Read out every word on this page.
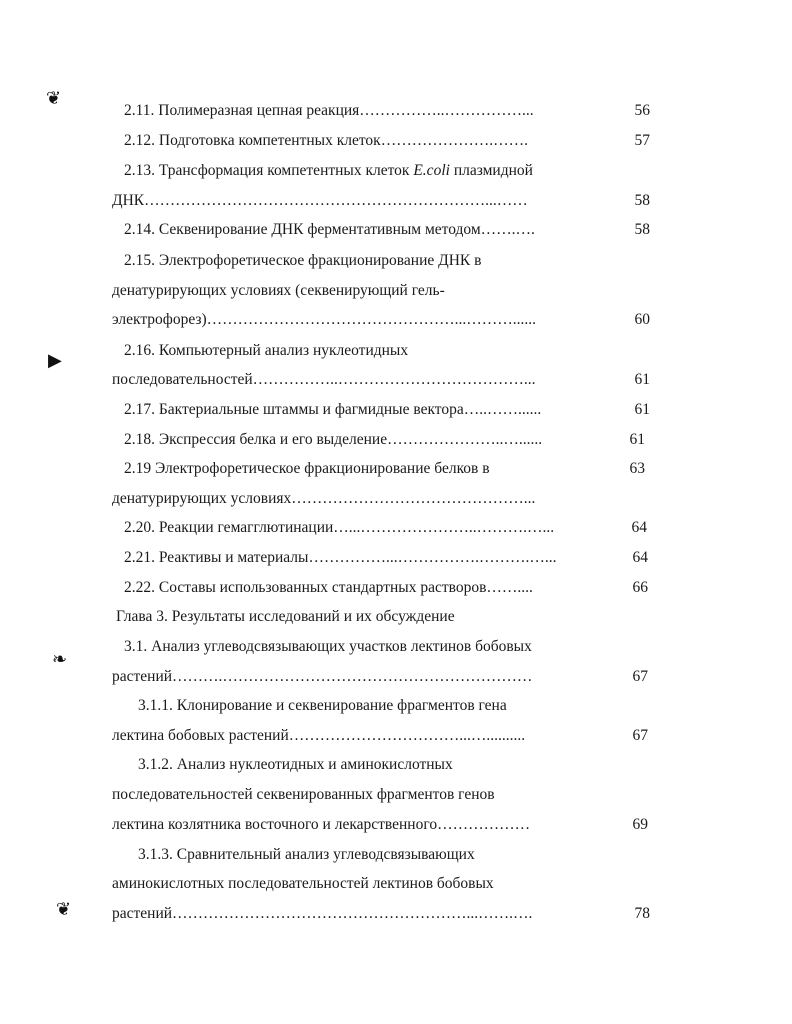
❦
▶
❧
❦
2.11. Полимеразная цепная реакция……………..……………...	56
2.12. Подготовка компетентных клеток………………….…….	57
2.13. Трансформация компетентных клеток E.coli плазмидной
ДНК…………………………………………………………...……	58
2.14. Секвенирование ДНК ферментативным методом…….….	58
2.15. Электрофоретическое фракционирование ДНК в
денатурирующих условиях (секвенирующий гель-
электрофорез)…………………………………………...………......	60
2.16. Компьютерный анализ нуклеотидных
последовательностей……………..………………………………...	61
2.17. Бактериальные штаммы и фагмидные вектора…..……......	61
2.18. Экспрессия белка и его выделение…………………..…......	61
2.19 Электрофоретическое фракционирование белков в	63
денатурирующих условиях………………………………………...
2.20. Реакции гемагглютинации…...…………………..……….…...	64
2.21. Реактивы и материалы……………...…………….……….…...	64
2.22. Составы использованных стандартных растворов……....	66
Глава 3. Результаты исследований и их обсуждение
3.1. Анализ углеводсвязывающих участков лектинов бобовых
растений……….……………………………………………………	67
3.1.1. Клонирование и секвенирование фрагментов гена
лектина бобовых растений……………………………...…..........	67
3.1.2. Анализ нуклеотидных и аминокислотных
последовательностей секвенированных фрагментов генов
лектина козлятника восточного и лекарственного………………	69
3.1.3. Сравнительный анализ углеводсвязывающих
аминокислотных последовательностей лектинов бобовых
растений…………………………………………………...…….….	78
